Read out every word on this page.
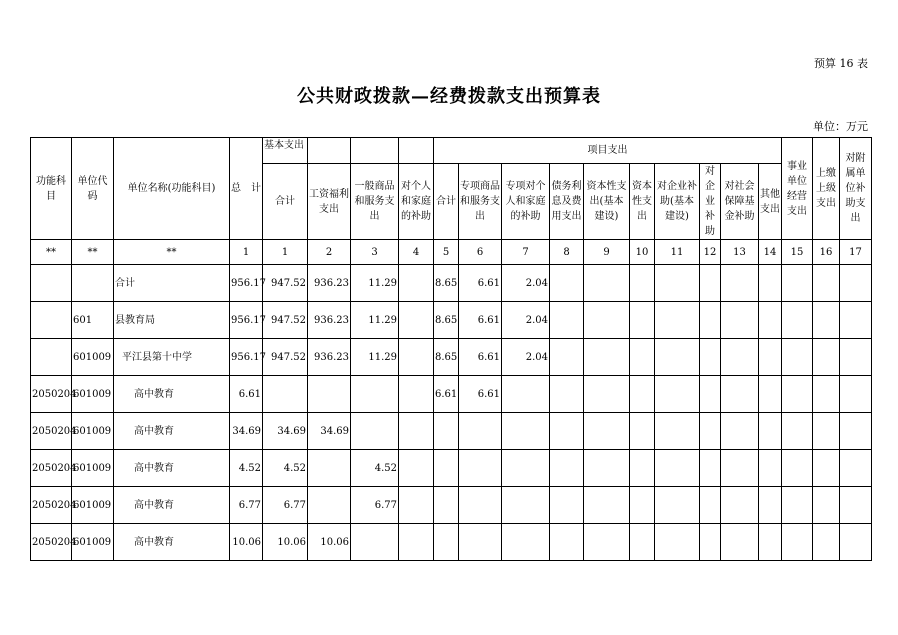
预算 16 表
公共财政拨款—经费拨款支出预算表
单位：万元
功能科目	单位代码	单位名称(功能科目)	总　计	基本支出				项目支出										事业单位经营支出	上缴上级支出	对附属单位补助支出
				合计	工资福利支出	一般商品和服务支出	对个人和家庭的补助	合计	专项商品和服务支出	专项对个人和家庭的补助	债务利息及费用支出	资本性支出(基本建设)	资本性支出	对企业补助(基本建设)	对企业补助	对社会保障基金补助	其他支出			
**	**	**	1	1	2	3	4	5	6	7	8	9	10	11	12	13	14	15	16	17
		合计	956.17	947.52	936.23	11.29		8.65	6.61	2.04										
	601	县教育局	956.17	947.52	936.23	11.29		8.65	6.61	2.04										
	601009	平江县第十中学	956.17	947.52	936.23	11.29		8.65	6.61	2.04										
2050204	601009	高中教育	6.61					6.61	6.61											
2050204	601009	高中教育	34.69	34.69	34.69															
2050204	601009	高中教育	4.52	4.52		4.52														
2050204	601009	高中教育	6.77	6.77		6.77														
2050204	601009	高中教育	10.06	10.06	10.06															
